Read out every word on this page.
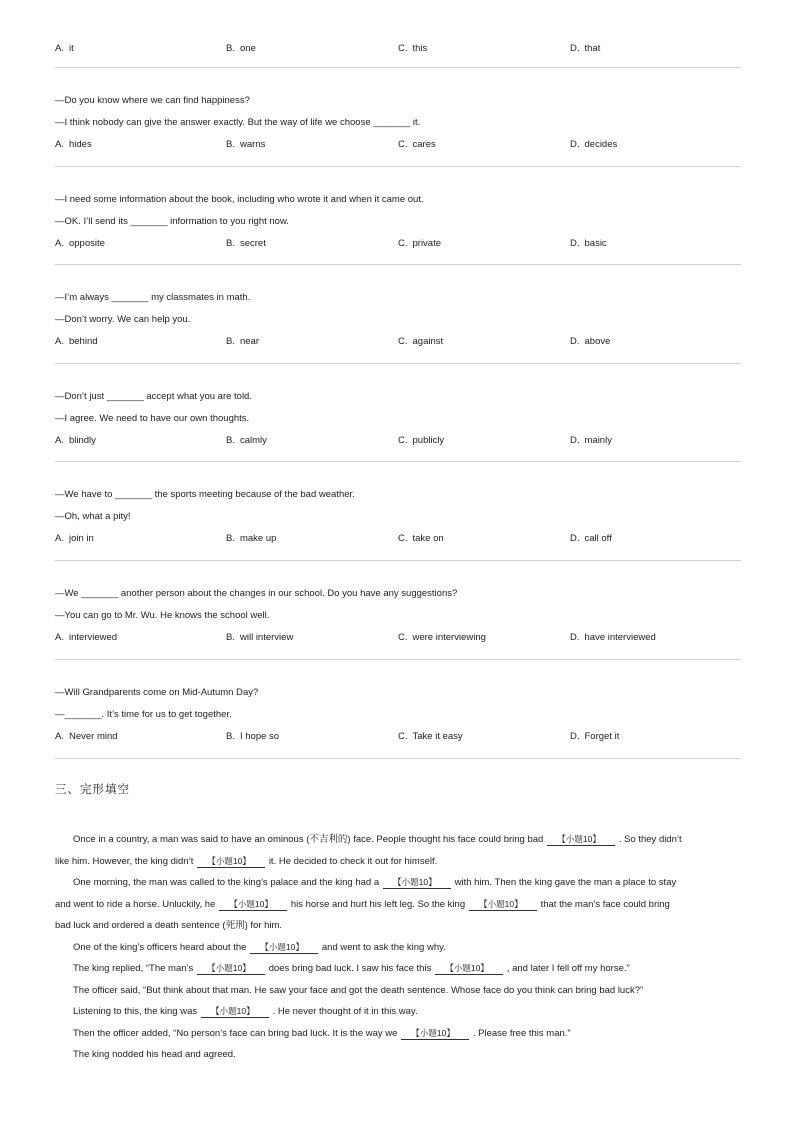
A. it	B. one	C. this	D. that
—Do you know where we can find happiness?
—I think nobody can give the answer exactly. But the way of life we choose _______ it.
A. hides	B. warns	C. cares	D. decides
—I need some information about the book, including who wrote it and when it came out.
—OK. I’ll send its _______ information to you right now.
A. opposite	B. secret	C. private	D. basic
—I’m always _______ my classmates in math.
—Don’t worry. We can help you.
A. behind	B. near	C. against	D. above
—Don’t just _______ accept what you are told.
—I agree. We need to have our own thoughts.
A. blindly	B. calmly	C. publicly	D. mainly
—We have to _______ the sports meeting because of the bad weather.
—Oh, what a pity!
A. join in	B. make up	C. take on	D. call off
—We _______ another person about the changes in our school. Do you have any suggestions?
—You can go to Mr. Wu. He knows the school well.
A. interviewed	B. will interview	C. were interviewing	D. have interviewed
—Will Grandparents come on Mid-Autumn Day?
—_______. It’s time for us to get together.
A. Never mind	B. I hope so	C. Take it easy	D. Forget it
三、完形填空
Once in a country, a man was said to have an ominous (不吉利的) face. People thought his face could bring bad 【小题10】 . So they didn’t
like him. However, the king didn’t 【小题10】 it. He decided to check it out for himself.
One morning, the man was called to the king’s palace and the king had a 【小题10】 with him. Then the king gave the man a place to stay
and went to ride a horse. Unluckily, he 【小题10】 his horse and hurt his left leg. So the king 【小题10】 that the man’s face could bring
bad luck and ordered a death sentence (死刑) for him.
One of the king’s officers heard about the 【小题10】 and went to ask the king why.
The king replied, “The man’s 【小题10】 does bring bad luck. I saw his face this 【小题10】 , and later I fell off my horse.”
The officer said, “But think about that man. He saw your face and got the death sentence. Whose face do you think can bring bad luck?”
Listening to this, the king was 【小题10】 . He never thought of it in this way.
Then the officer added, “No person’s face can bring bad luck. It is the way we 【小题10】 . Please free this man.”
The king nodded his head and agreed.
